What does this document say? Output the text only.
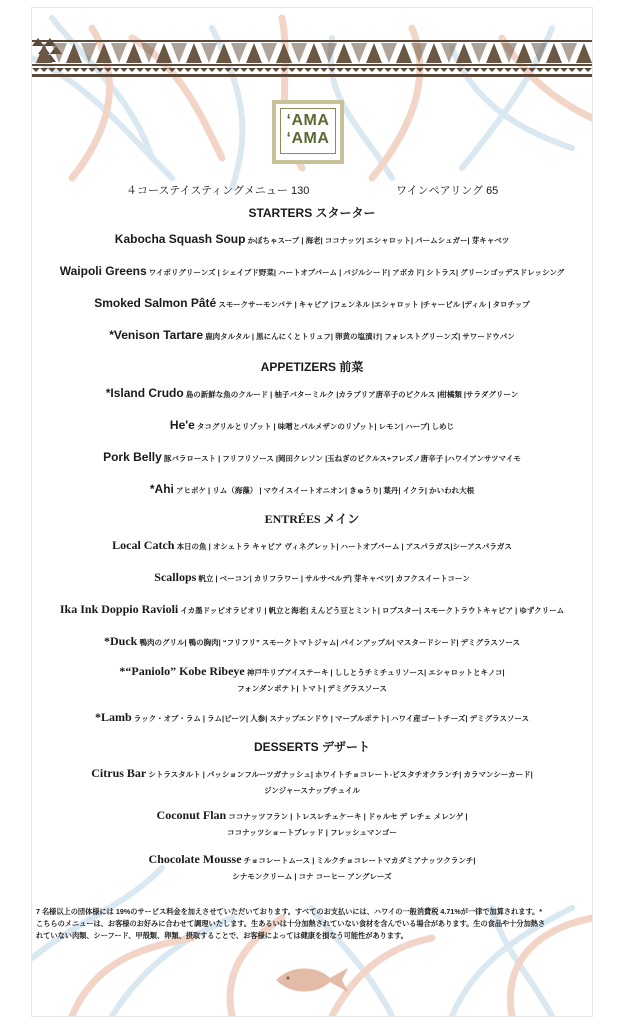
ʻAMA
ʻAMA
４コーステイスティングメニュー 130	ワインペアリング 65
STARTERS スターター
Kabocha Squash Soup かぼちゃスープ | 海老| ココナッツ| エシャロット| パームシュガー| 芽キャベツ
Waipoli Greens ワイポリグリーンズ | シェイブド野菜| ハートオブパーム | バジルシード| アボカド| シトラス| グリーンゴッデスドレッシング
Smoked Salmon Pâté スモークサーモンパテ | キャビア |フェンネル |エシャロット |チャービル |ディル | タロチップ
*Venison Tartare 鹿肉タルタル | 黒にんにくとトリュフ| 卵黄の塩漬け| フォレストグリーンズ| サワードウパン
APPETIZERS 前菜
*Island Crudo 島の新鮮な魚のクルード | 柚子バターミルク |カラブリア唐辛子のピクルス |柑橘類 |サラダグリーン
He'e タコグリルとリゾット | 味噌とパルメザンのリゾット| レモン| ハーブ| しめじ
Pork Belly 豚バラロースト | フリフリソース |岡田クレソン |玉ねぎのピクルス+フレズノ唐辛子 |ハワイアンサツマイモ
*Ahi アヒポケ | リム（海藻） | マウイスイートオニオン| きゅうり| 葉丹| イクラ| かいわれ大根
ENTRÉES メイン
Local Catch 本日の魚 | オシェトラ キャビア ヴィネグレット| ハートオブパーム | アスパラガス|シーアスパラガス
Scallops 帆立 | ベーコン| カリフラワー | サルサベルデ| 芽キャベツ| カフクスイートコーン
Ika Ink Doppio Ravioli イカ墨ドッピオラビオリ | 帆立と海老| えんどう豆とミント| ロブスター| スモークトラウトキャビア | ゆずクリーム
*Duck 鴨肉のグリル| 鴨の胸肉| “フリフリ” スモークトマトジャム| パインアップル| マスタードシード| デミグラスソース
*“Paniolo” Kobe Ribeye 神戸牛リブアイステーキ | ししとうチミチュリソース| エシャロットとキノコ|
フォンダンポテト| トマト| デミグラスソース
*Lamb ラック・オブ・ラム | ラム|ビーツ| 人参| スナップエンドウ | マーブルポテト| ハワイ産ゴートチーズ| デミグラスソース
DESSERTS デザート
Citrus Bar シトラスタルト | パッションフルーツガナッシュ| ホワイトチョコレート-ピスタチオクランチ| カラマンシーカード|
ジンジャースナップチュイル
Coconut Flan ココナッツフラン | トレスレチェケーキ | ドゥルセ デ レチェ メレンゲ |
ココナッツショートブレッド | フレッシュマンゴー
Chocolate Mousse チョコレートムース | ミルクチョコレートマカダミアナッツクランチ|
シナモンクリーム | コナ コーヒー アングレーズ
7 名様以上の団体様には 19%のサービス料金を加えさせていただいております。すべてのお支払いには、ハワイの一般消費税 4.71%が一律で加算されます。*
こちらのメニューは、お客様のお好みに合わせて調理いたします。生あるいは十分加熱されていない食材を含んでいる場合があります。生の食品や十分加熱さ
れていない肉類、シーフード、甲殻類、卵類、摂取することで、お客様によっては健康を損なう可能性があります。
